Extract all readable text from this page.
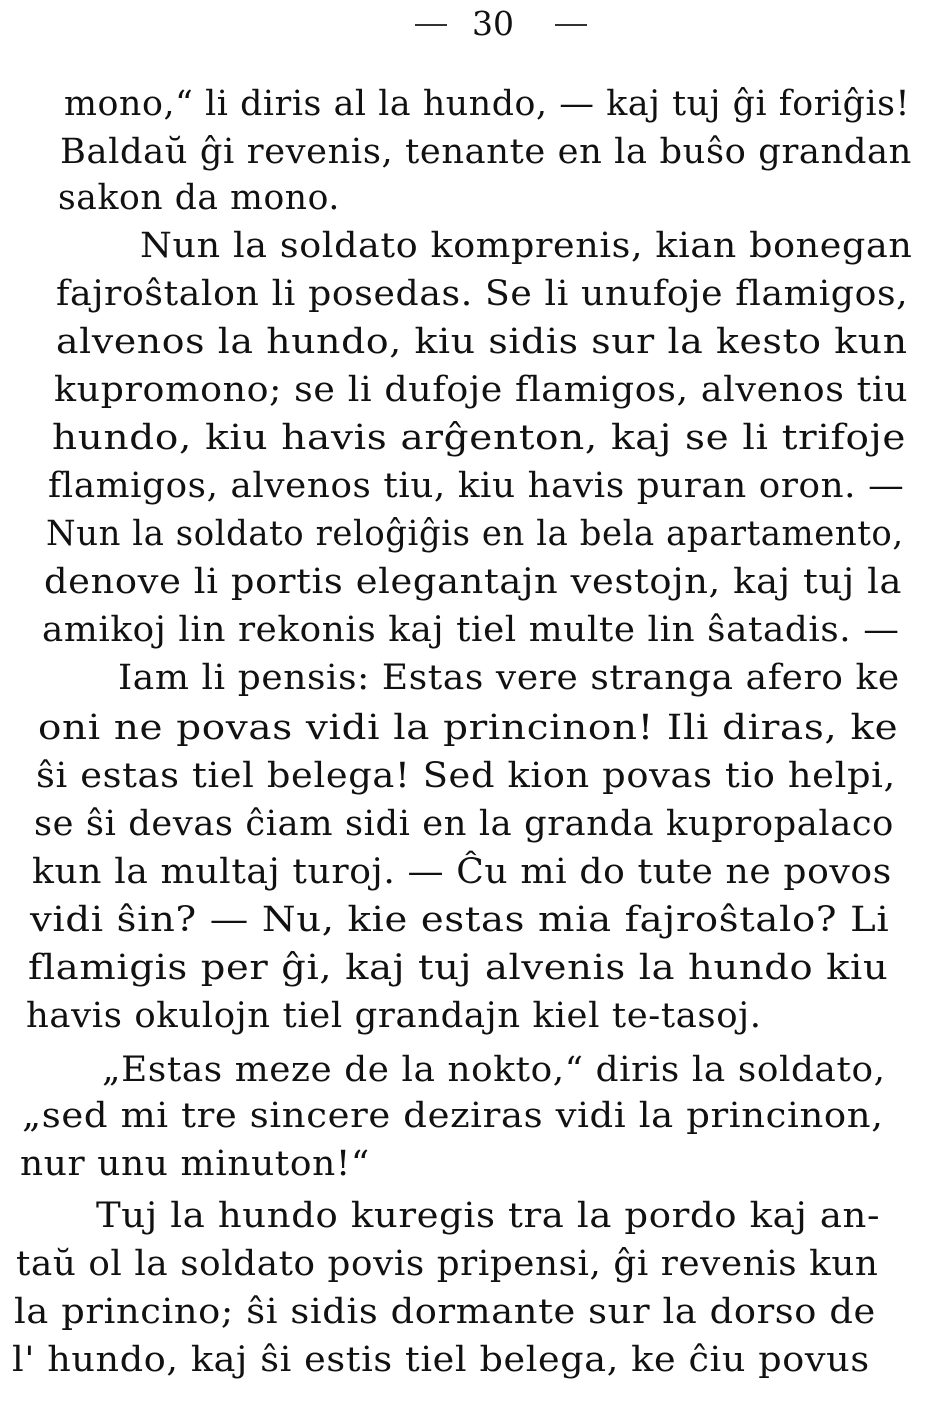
30
mono,“ li diris al la hundo, — kaj tuj ĝi foriĝis!
Baldaŭ ĝi revenis, tenante en la buŝo grandan
sakon da mono.
Nun la soldato komprenis, kian bonegan
fajroŝtalon li posedas. Se li unufoje flamigos,
alvenos la hundo, kiu sidis sur la kesto kun
kupromono; se li dufoje flamigos, alvenos tiu
hundo, kiu havis arĝenton, kaj se li trifoje
flamigos, alvenos tiu, kiu havis puran oron. —
Nun la soldato reloĝiĝis en la bela apartamento,
denove li portis elegantajn vestojn, kaj tuj la
amikoj lin rekonis kaj tiel multe lin ŝatadis. —
Iam li pensis: Estas vere stranga afero ke
oni ne povas vidi la princinon! Ili diras, ke
ŝi estas tiel belega! Sed kion povas tio helpi,
se ŝi devas ĉiam sidi en la granda kupropalaco
kun la multaj turoj. — Ĉu mi do tute ne povos
vidi ŝin? — Nu, kie estas mia fajroŝtalo? Li
flamigis per ĝi, kaj tuj alvenis la hundo kiu
havis okulojn tiel grandajn kiel te-tasoj.
„Estas meze de la nokto,“ diris la soldato,
„sed mi tre sincere deziras vidi la princinon,
nur unu minuton!“
Tuj la hundo kuregis tra la pordo kaj an-
taŭ ol la soldato povis pripensi, ĝi revenis kun
la princino; ŝi sidis dormante sur la dorso de
l' hundo, kaj ŝi estis tiel belega, ke ĉiu povus
